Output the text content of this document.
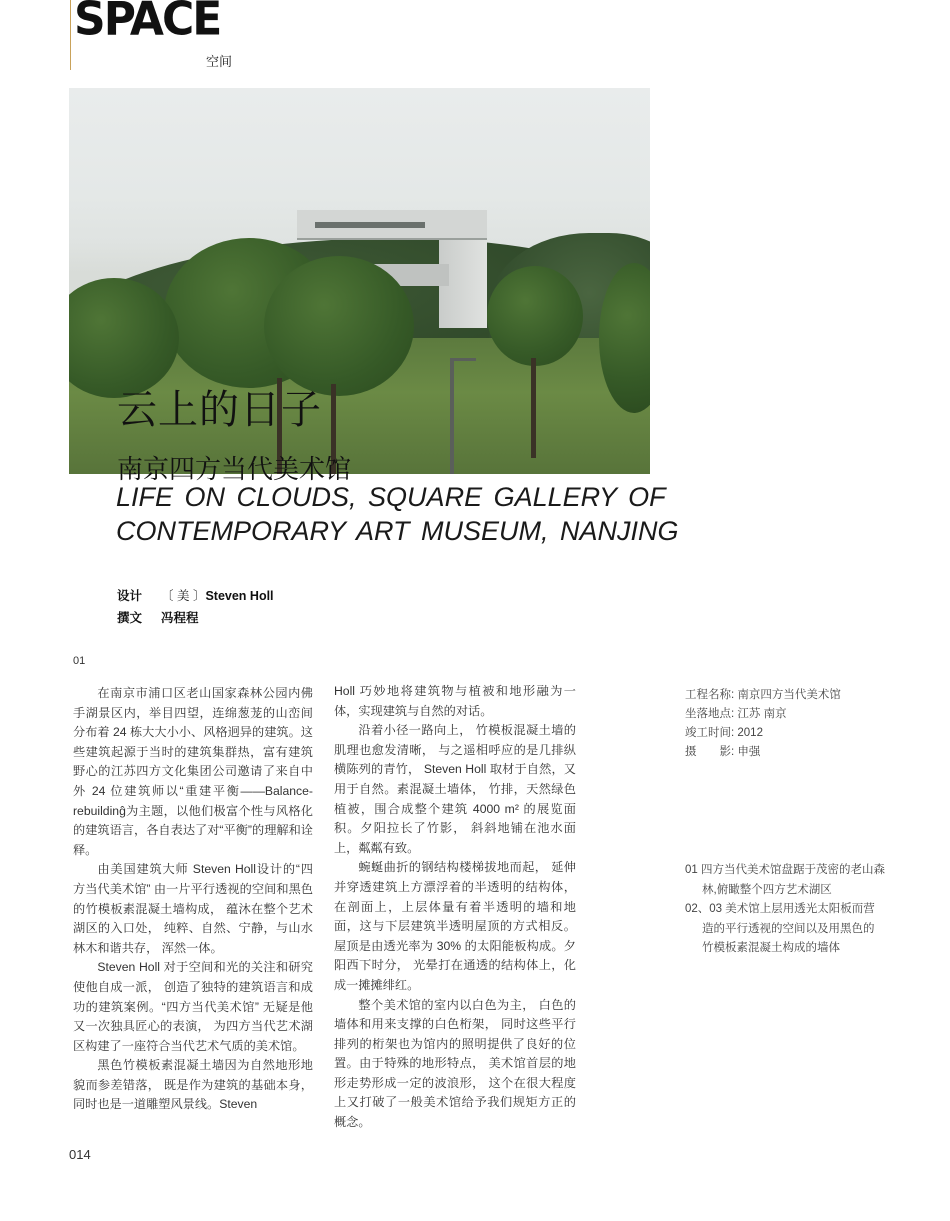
SPACE
空间
云上的日子
南京四方当代美术馆
LIFE ON CLOUDS, SQUARE GALLERY OF
CONTEMPORARY ART MUSEUM, NANJING
设计 〔 美 〕Steven Holl
撰文 冯程程
01

在南京市浦口区老山国家森林公园内佛手湖景区内，举目四望，连绵葱茏的山峦间分布着 24 栋大大小小、风格迥异的建筑。这些建筑起源于当时的建筑集群热，富有建筑野心的江苏四方文化集团公司邀请了来自中外 24 位建筑师以“重建平衡——Balance-rebuildinĝ为主题，以他们极富个性与风格化的建筑语言，各自表达了对“平衡”的理解和诠释。

由美国建筑大师 Steven Holl设计的“四方当代美术馆” 由一片平行透视的空间和黑色的竹模板素混凝土墙构成， 蕴沐在整个艺术湖区的入口处， 纯粹、自然、宁静，与山水林木和谐共存， 浑然一体。

Steven Holl 对于空间和光的关注和研究使他自成一派， 创造了独特的建筑语言和成功的建筑案例。“四方当代美术馆” 无疑是他又一次独具匠心的表演， 为四方当代艺术湖区构建了一座符合当代艺术气质的美术馆。

黑色竹模板素混凝土墙因为自然地形地貌而参差错落， 既是作为建筑的基础本身，同时也是一道雕塑风景线。Steven

Holl 巧妙地将建筑物与植被和地形融为一体，实现建筑与自然的对话。

沿着小径一路向上， 竹模板混凝土墙的肌理也愈发清晰， 与之遥相呼应的是几排纵横陈列的青竹， Steven Holl 取材于自然，又用于自然。素混凝土墙体， 竹排，天然绿色植被，围合成整个建筑 4000 m² 的展览面积。夕阳拉长了竹影， 斜斜地铺在池水面上，粼粼有致。

蜿蜒曲折的钢结构楼梯拔地而起， 延伸并穿透建筑上方漂浮着的半透明的结构体，在剖面上，上层体量有着半透明的墙和地面，这与下层建筑半透明屋顶的方式相反。屋顶是由透光率为 30% 的太阳能板构成。夕阳西下时分， 光晕打在通透的结构体上，化成一摊摊绯红。

整个美术馆的室内以白色为主， 白色的墙体和用来支撑的白色桁架， 同时这些平行排列的桁架也为馆内的照明提供了良好的位置。由于特殊的地形特点， 美术馆首层的地形走势形成一定的波浪形， 这个在很大程度上又打破了一般美术馆给予我们规矩方正的概念。

工程名称: 南京四方当代美术馆
坐落地点: 江苏 南京
竣工时间: 2012
摄　　影: 申强
01 四方当代美术馆盘踞于茂密的老山森林,俯瞰整个四方艺术湖区
02、03 美术馆上层用透光太阳板而营造的平行透视的空间以及用黑色的竹模板素混凝土构成的墙体
014
